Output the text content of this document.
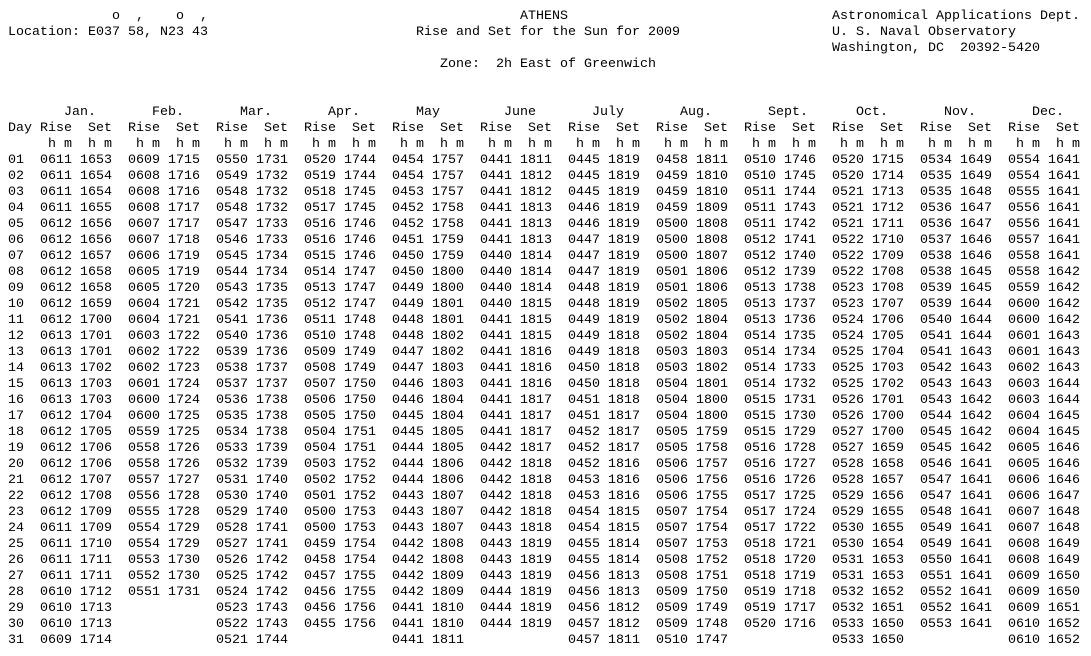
o  ,    o  ,	ATHENS	Astronomical Applications Dept.
Location: E037 58, N23 43	Rise and Set for the Sun for 2009	U. S. Naval Observatory
Washington, DC  20392-5420
Zone:  2h East of Greenwich
Jan.	Feb.	Mar.	Apr.	May	June	July	Aug.	Sept.	Oct.	Nov.	Dec.
Day Rise Set Rise Set Rise Set Rise Set Rise Set Rise Set Rise Set Rise Set Rise Set Rise Set Rise Set Rise Set
h m h m h m h m h m h m h m h m h m h m h m h m h m h m h m h m h m h m h m h m h m h m h m h m
01 0611 1653 0609 1715 0550 1731 0520 1744 0454 1757 0441 1811 0445 1819 0458 1811 0510 1746 0520 1715 0534 1649 0554 1641
02 0611 1654 0608 1716 0549 1732 0519 1744 0454 1757 0441 1812 0445 1819 0459 1810 0510 1745 0520 1714 0535 1649 0554 1641
03 0611 1654 0608 1716 0548 1732 0518 1745 0453 1757 0441 1812 0445 1819 0459 1810 0511 1744 0521 1713 0535 1648 0555 1641
04 0611 1655 0608 1717 0548 1732 0517 1745 0452 1758 0441 1813 0446 1819 0459 1809 0511 1743 0521 1712 0536 1647 0556 1641
05 0612 1656 0607 1717 0547 1733 0516 1746 0452 1758 0441 1813 0446 1819 0500 1808 0511 1742 0521 1711 0536 1647 0556 1641
06 0612 1656 0607 1718 0546 1733 0516 1746 0451 1759 0441 1813 0447 1819 0500 1808 0512 1741 0522 1710 0537 1646 0557 1641
07 0612 1657 0606 1719 0545 1734 0515 1746 0450 1759 0440 1814 0447 1819 0500 1807 0512 1740 0522 1709 0538 1646 0558 1641
08 0612 1658 0605 1719 0544 1734 0514 1747 0450 1800 0440 1814 0447 1819 0501 1806 0512 1739 0522 1708 0538 1645 0558 1642
09 0612 1658 0605 1720 0543 1735 0513 1747 0449 1800 0440 1814 0448 1819 0501 1806 0513 1738 0523 1708 0539 1645 0559 1642
10 0612 1659 0604 1721 0542 1735 0512 1747 0449 1801 0440 1815 0448 1819 0502 1805 0513 1737 0523 1707 0539 1644 0600 1642
11 0612 1700 0604 1721 0541 1736 0511 1748 0448 1801 0441 1815 0449 1819 0502 1804 0513 1736 0524 1706 0540 1644 0600 1642
12 0613 1701 0603 1722 0540 1736 0510 1748 0448 1802 0441 1815 0449 1818 0502 1804 0514 1735 0524 1705 0541 1644 0601 1643
13 0613 1701 0602 1722 0539 1736 0509 1749 0447 1802 0441 1816 0449 1818 0503 1803 0514 1734 0525 1704 0541 1643 0601 1643
14 0613 1702 0602 1723 0538 1737 0508 1749 0447 1803 0441 1816 0450 1818 0503 1802 0514 1733 0525 1703 0542 1643 0602 1643
15 0613 1703 0601 1724 0537 1737 0507 1750 0446 1803 0441 1816 0450 1818 0504 1801 0514 1732 0525 1702 0543 1643 0603 1644
16 0613 1703 0600 1724 0536 1738 0506 1750 0446 1804 0441 1817 0451 1818 0504 1800 0515 1731 0526 1701 0543 1642 0603 1644
17 0612 1704 0600 1725 0535 1738 0505 1750 0445 1804 0441 1817 0451 1817 0504 1800 0515 1730 0526 1700 0544 1642 0604 1645
18 0612 1705 0559 1725 0534 1738 0504 1751 0445 1805 0441 1817 0452 1817 0505 1759 0515 1729 0527 1700 0545 1642 0604 1645
19 0612 1706 0558 1726 0533 1739 0504 1751 0444 1805 0442 1817 0452 1817 0505 1758 0516 1728 0527 1659 0545 1642 0605 1646
20 0612 1706 0558 1726 0532 1739 0503 1752 0444 1806 0442 1818 0452 1816 0506 1757 0516 1727 0528 1658 0546 1641 0605 1646
21 0612 1707 0557 1727 0531 1740 0502 1752 0444 1806 0442 1818 0453 1816 0506 1756 0516 1726 0528 1657 0547 1641 0606 1646
22 0612 1708 0556 1728 0530 1740 0501 1752 0443 1807 0442 1818 0453 1816 0506 1755 0517 1725 0529 1656 0547 1641 0606 1647
23 0612 1709 0555 1728 0529 1740 0500 1753 0443 1807 0442 1818 0454 1815 0507 1754 0517 1724 0529 1655 0548 1641 0607 1648
24 0611 1709 0554 1729 0528 1741 0500 1753 0443 1807 0443 1818 0454 1815 0507 1754 0517 1722 0530 1655 0549 1641 0607 1648
25 0611 1710 0554 1729 0527 1741 0459 1754 0442 1808 0443 1819 0455 1814 0507 1753 0518 1721 0530 1654 0549 1641 0608 1649
26 0611 1711 0553 1730 0526 1742 0458 1754 0442 1808 0443 1819 0455 1814 0508 1752 0518 1720 0531 1653 0550 1641 0608 1649
27 0611 1711 0552 1730 0525 1742 0457 1755 0442 1809 0443 1819 0456 1813 0508 1751 0518 1719 0531 1653 0551 1641 0609 1650
28 0610 1712 0551 1731 0524 1742 0456 1755 0442 1809 0444 1819 0456 1813 0509 1750 0519 1718 0532 1652 0552 1641 0609 1650
29 0610 1713	0523 1743 0456 1756 0441 1810 0444 1819 0456 1812 0509 1749 0519 1717 0532 1651 0552 1641 0609 1651
30 0610 1713	0522 1743 0455 1756 0441 1810 0444 1819 0457 1812 0509 1748 0520 1716 0533 1650 0553 1641 0610 1652
31 0609 1714	0521 1744	0441 1811	0457 1811 0510 1747	0533 1650	0610 1652
